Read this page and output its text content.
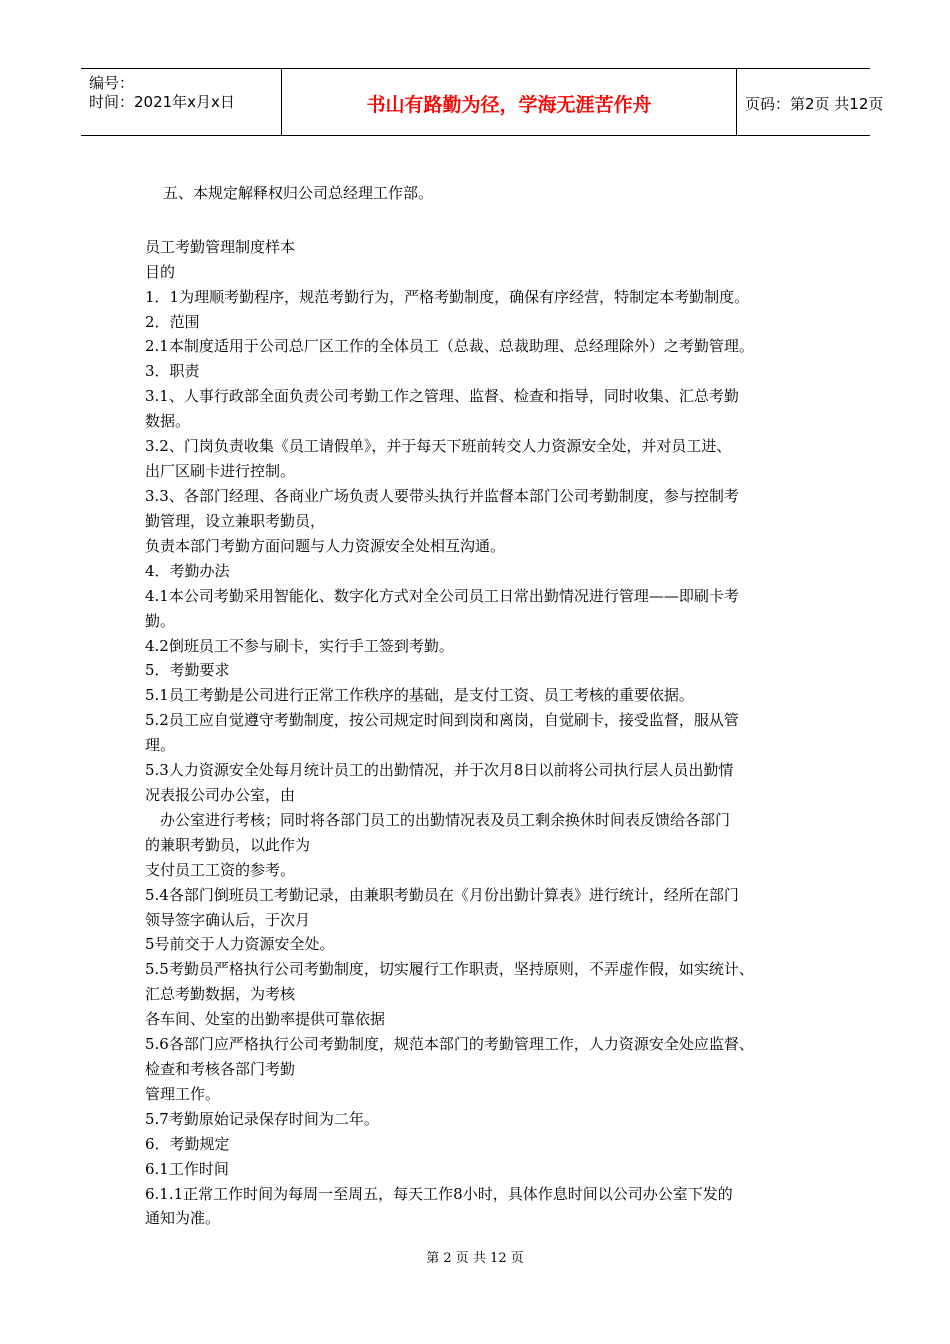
编号：
时间：2021年x月x日	书山有路勤为径，学海无涯苦作舟	页码：第2页 共12页
五、本规定解释权归公司总经理工作部。
员工考勤管理制度样本
目的
1．1为理顺考勤程序，规范考勤行为，严格考勤制度，确保有序经营，特制定本考勤制度。
2．范围
2.1本制度适用于公司总厂区工作的全体员工（总裁、总裁助理、总经理除外）之考勤管理。
3．职责
3.1、人事行政部全面负责公司考勤工作之管理、监督、检查和指导，同时收集、汇总考勤
数据。
3.2、门岗负责收集《员工请假单》，并于每天下班前转交人力资源安全处，并对员工进、
出厂区刷卡进行控制。
3.3、各部门经理、各商业广场负责人要带头执行并监督本部门公司考勤制度，参与控制考
勤管理，设立兼职考勤员，
负责本部门考勤方面问题与人力资源安全处相互沟通。
4．考勤办法
4.1本公司考勤采用智能化、数字化方式对全公司员工日常出勤情况进行管理——即刷卡考
勤。
4.2倒班员工不参与刷卡，实行手工签到考勤。
5．考勤要求
5.1员工考勤是公司进行正常工作秩序的基础，是支付工资、员工考核的重要依据。
5.2员工应自觉遵守考勤制度，按公司规定时间到岗和离岗，自觉刷卡，接受监督，服从管
理。
5.3人力资源安全处每月统计员工的出勤情况，并于次月8日以前将公司执行层人员出勤情
况表报公司办公室，由
办公室进行考核；同时将各部门员工的出勤情况表及员工剩余换休时间表反馈给各部门
的兼职考勤员，以此作为
支付员工工资的参考。
5.4各部门倒班员工考勤记录，由兼职考勤员在《月份出勤计算表》进行统计，经所在部门
领导签字确认后，于次月
5号前交于人力资源安全处。
5.5考勤员严格执行公司考勤制度，切实履行工作职责，坚持原则，不弄虚作假，如实统计、
汇总考勤数据，为考核
各车间、处室的出勤率提供可靠依据
5.6各部门应严格执行公司考勤制度，规范本部门的考勤管理工作，人力资源安全处应监督、
检查和考核各部门考勤
管理工作。
5.7考勤原始记录保存时间为二年。
6．考勤规定
6.1工作时间
6.1.1正常工作时间为每周一至周五，每天工作8小时，具体作息时间以公司办公室下发的
通知为准。
第 2 页 共 12 页
